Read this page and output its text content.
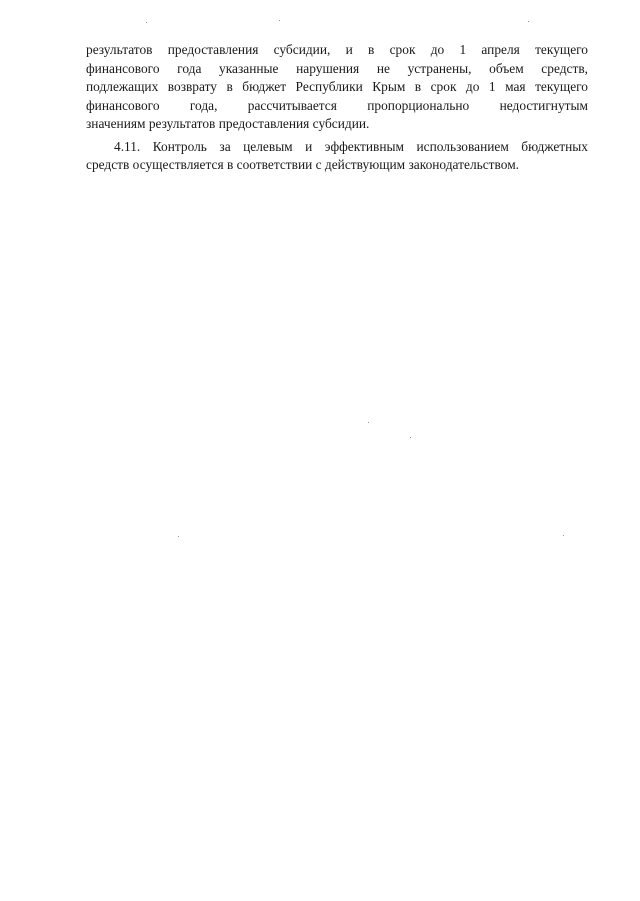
результатов предоставления субсидии, и в срок до 1 апреля текущего
финансового года указанные нарушения не устранены, объем средств,
подлежащих возврату в бюджет Республики Крым в срок до 1 мая текущего
финансового года, рассчитывается пропорционально недостигнутым
значениям результатов предоставления субсидии.

4.11. Контроль за целевым и эффективным использованием бюджетных
средств осуществляется в соответствии с действующим законодательством.
